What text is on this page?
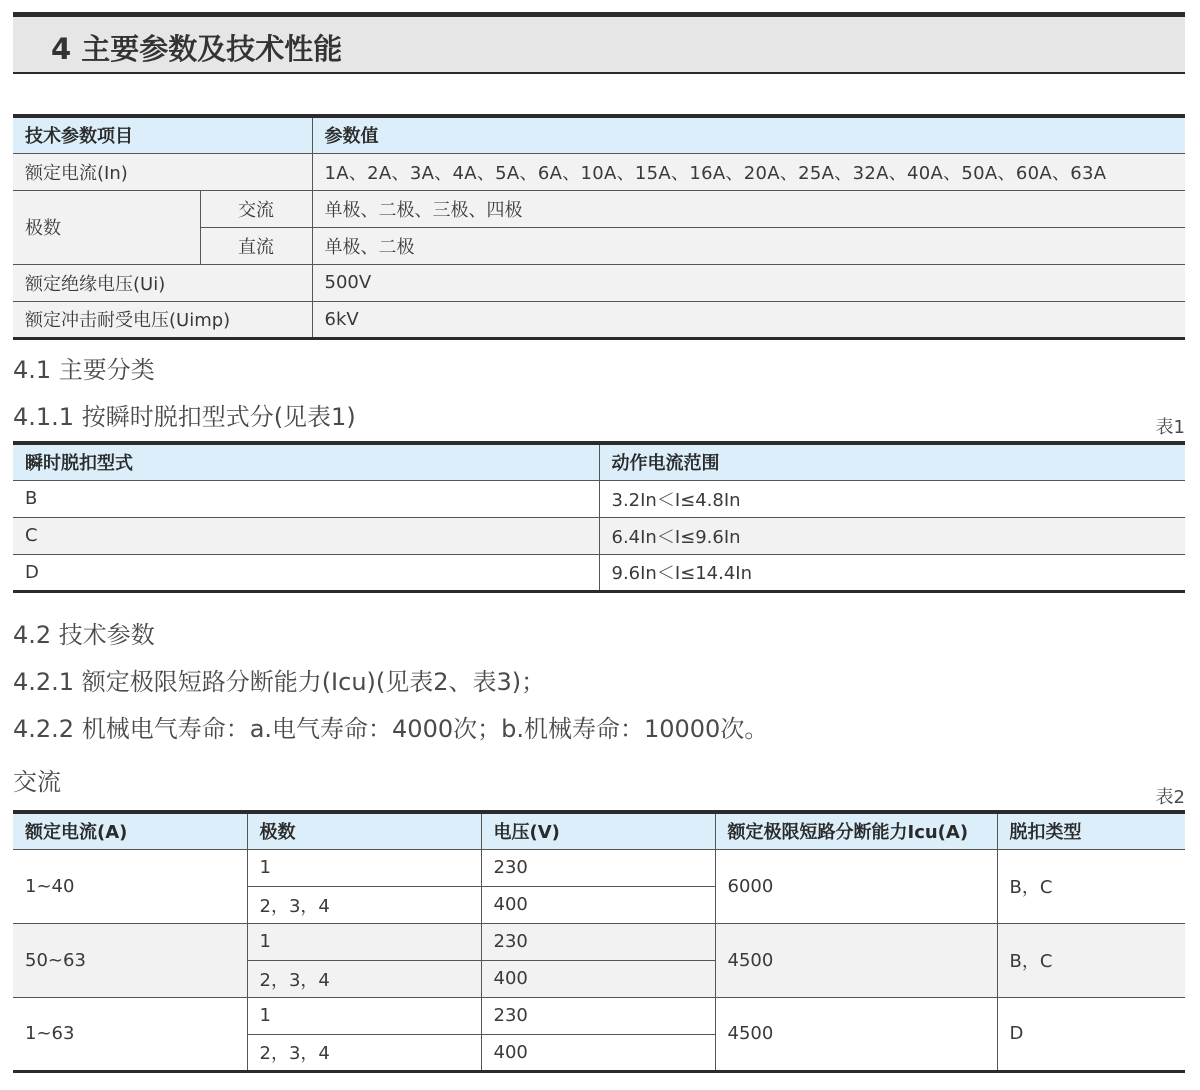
4 主要参数及技术性能
技术参数项目		参数值
额定电流(In)		1A、2A、3A、4A、5A、6A、10A、15A、16A、20A、25A、32A、40A、50A、60A、63A
极数	交流	单极、二极、三极、四极
	直流	单极、二极
额定绝缘电压(Ui)		500V
额定冲击耐受电压(Uimp)		6kV
4.1 主要分类
4.1.1 按瞬时脱扣型式分(见表1)	表1
瞬时脱扣型式	动作电流范围
B	3.2In＜I≤4.8In
C	6.4In＜I≤9.6In
D	9.6In＜I≤14.4In
4.2 技术参数
4.2.1 额定极限短路分断能力(Icu)(见表2、表3)；
4.2.2 机械电气寿命：a.电气寿命：4000次；b.机械寿命：10000次。
交流
表2
额定电流(A)	极数	电压(V)	额定极限短路分断能力Icu(A)	脱扣类型
1~40	1	230	6000	B，C
	2，3，4	400		
50~63	1	230	4500	B，C
	2，3，4	400		
1~63	1	230	4500	D
	2，3，4	400		
